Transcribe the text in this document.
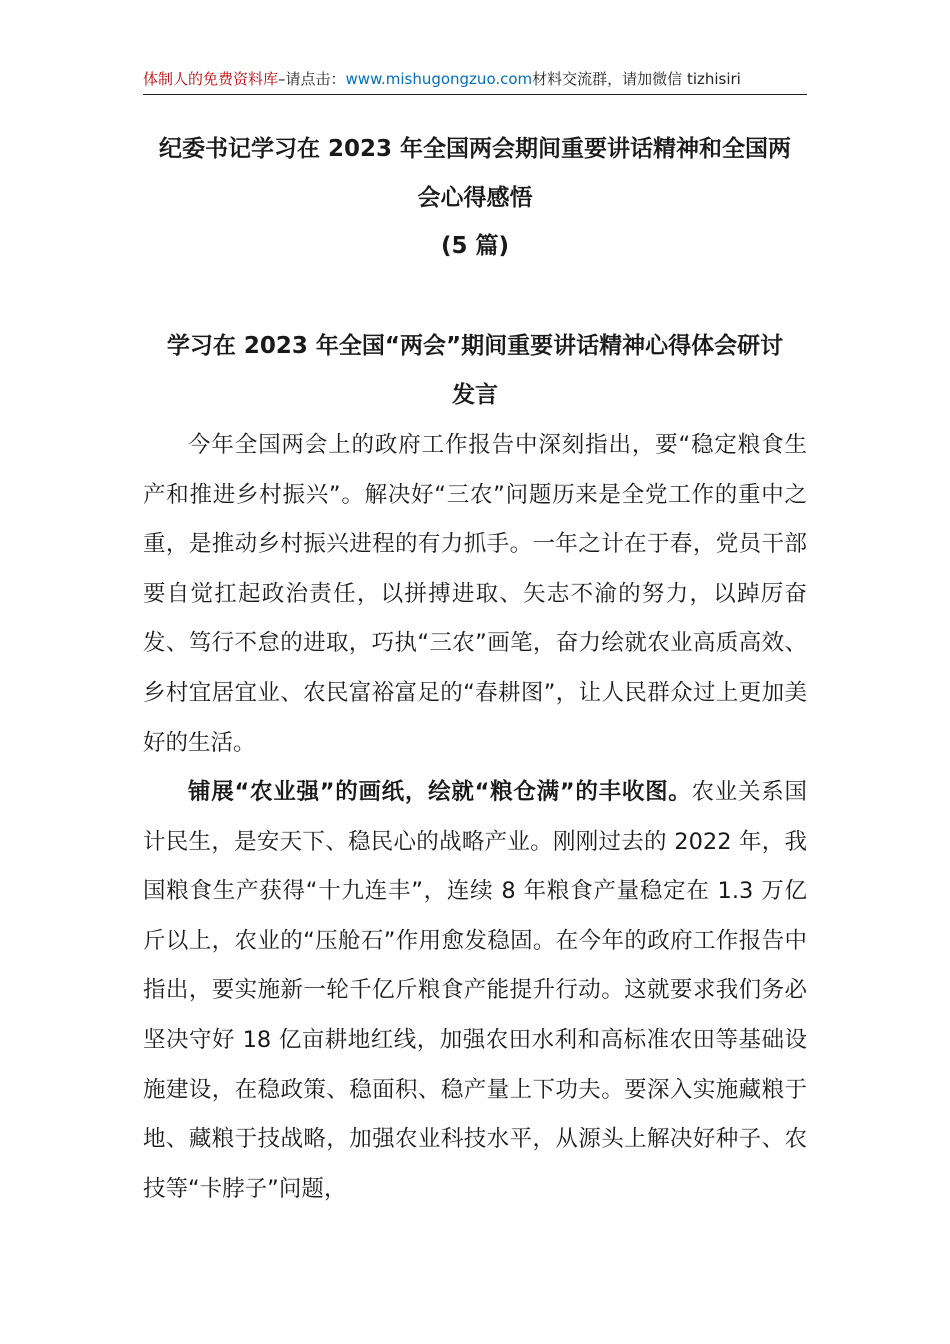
体制人的免费资料库–请点击：www.mishugongzuo.com材料交流群，请加微信 tizhisiri
纪委书记学习在 2023 年全国两会期间重要讲话精神和全国两
会心得感悟
(5 篇)
学习在 2023 年全国“两会”期间重要讲话精神心得体会研讨
发言

今年全国两会上的政府工作报告中深刻指出，要“稳定粮食生产和推进乡村振兴”。解决好“三农”问题历来是全党工作的重中之重，是推动乡村振兴进程的有力抓手。一年之计在于春，党员干部要自觉扛起政治责任，以拼搏进取、矢志不渝的努力，以踔厉奋发、笃行不怠的进取，巧执“三农”画笔，奋力绘就农业高质高效、乡村宜居宜业、农民富裕富足的“春耕图”，让人民群众过上更加美好的生活。

铺展“农业强”的画纸，绘就“粮仓满”的丰收图。农业关系国计民生，是安天下、稳民心的战略产业。刚刚过去的 2022 年，我国粮食生产获得“十九连丰”，连续 8 年粮食产量稳定在 1.3 万亿斤以上，农业的“压舱石”作用愈发稳固。在今年的政府工作报告中指出，要实施新一轮千亿斤粮食产能提升行动。这就要求我们务必坚决守好 18 亿亩耕地红线，加强农田水利和高标准农田等基础设施建设，在稳政策、稳面积、稳产量上下功夫。要深入实施藏粮于地、藏粮于技战略，加强农业科技水平，从源头上解决好种子、农技等“卡脖子”问题，
